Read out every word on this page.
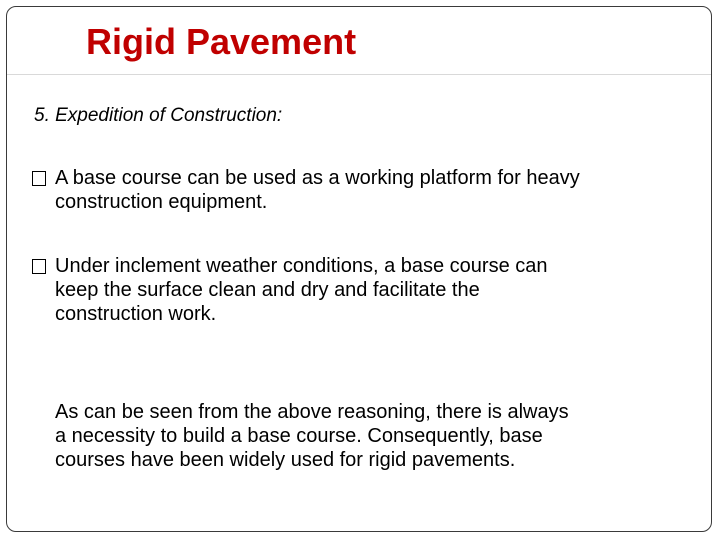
Rigid Pavement

5. Expedition of Construction:

A base course can be used as a working platform for heavy
construction equipment.
Under inclement weather conditions, a base course can
keep the surface clean and dry and facilitate the
construction work.
As can be seen from the above reasoning, there is always
a necessity to build a base course. Consequently, base
courses have been widely used for rigid pavements.
